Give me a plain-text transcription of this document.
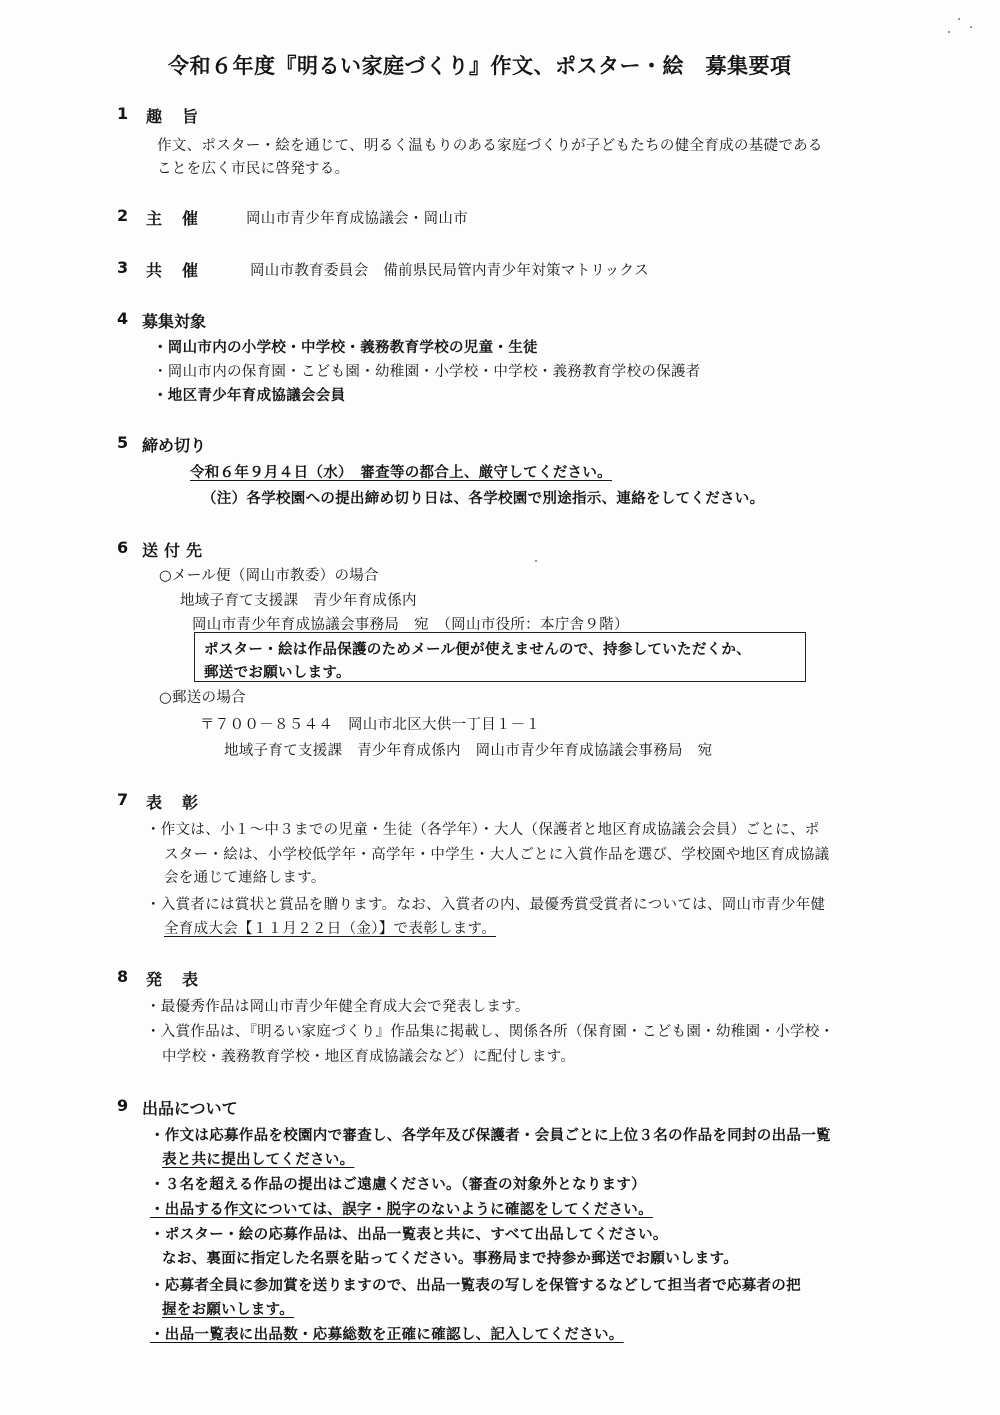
令和６年度『明るい家庭づくり』作文、ポスター・絵　募集要項
1 趣旨
作文、ポスター・絵を通じて、明るく温もりのある家庭づくりが子どもたちの健全育成の基礎である
ことを広く市民に啓発する。
2 主催 岡山市青少年育成協議会・岡山市
3 共催 岡山市教育委員会　備前県民局管内青少年対策マトリックス
4 募集対象
・岡山市内の小学校・中学校・義務教育学校の児童・生徒
・岡山市内の保育園・こども園・幼稚園・小学校・中学校・義務教育学校の保護者
・地区青少年育成協議会会員
5 締め切り
令和６年９月４日（水）　審査等の都合上、厳守してください。
（注）各学校園への提出締め切り日は、各学校園で別途指示、連絡をしてください。
6 送付先
○メール便（岡山市教委）の場合
地域子育て支援課　青少年育成係内
岡山市青少年育成協議会事務局　宛　（岡山市役所：本庁舎９階）
ポスター・絵は作品保護のためメール便が使えませんので、持参していただくか、
郵送でお願いします。
○郵送の場合
〒７００－８５４４　岡山市北区大供一丁目１－１
地域子育て支援課　青少年育成係内　岡山市青少年育成協議会事務局　宛
7 表彰
・作文は、小１～中３までの児童・生徒（各学年）・大人（保護者と地区育成協議会会員）ごとに、ポ
スター・絵は、小学校低学年・高学年・中学生・大人ごとに入賞作品を選び、学校園や地区育成協議
会を通じて連絡します。
・入賞者には賞状と賞品を贈ります。なお、入賞者の内、最優秀賞受賞者については、岡山市青少年健
全育成大会【１１月２２日（金）】で表彰します。
8 発表
・最優秀作品は岡山市青少年健全育成大会で発表します。
・入賞作品は、『明るい家庭づくり』作品集に掲載し、関係各所（保育園・こども園・幼稚園・小学校・
中学校・義務教育学校・地区育成協議会など）に配付します。
9 出品について
・作文は応募作品を校園内で審査し、各学年及び保護者・会員ごとに上位３名の作品を同封の出品一覧
表と共に提出してください。
・３名を超える作品の提出はご遠慮ください。（審査の対象外となります）
・出品する作文については、誤字・脱字のないように確認をしてください。
・ポスター・絵の応募作品は、出品一覧表と共に、すべて出品してください。
なお、裏面に指定した名票を貼ってください。事務局まで持参か郵送でお願いします。
・応募者全員に参加賞を送りますので、出品一覧表の写しを保管するなどして担当者で応募者の把
握をお願いします。
・出品一覧表に出品数・応募総数を正確に確認し、記入してください。
